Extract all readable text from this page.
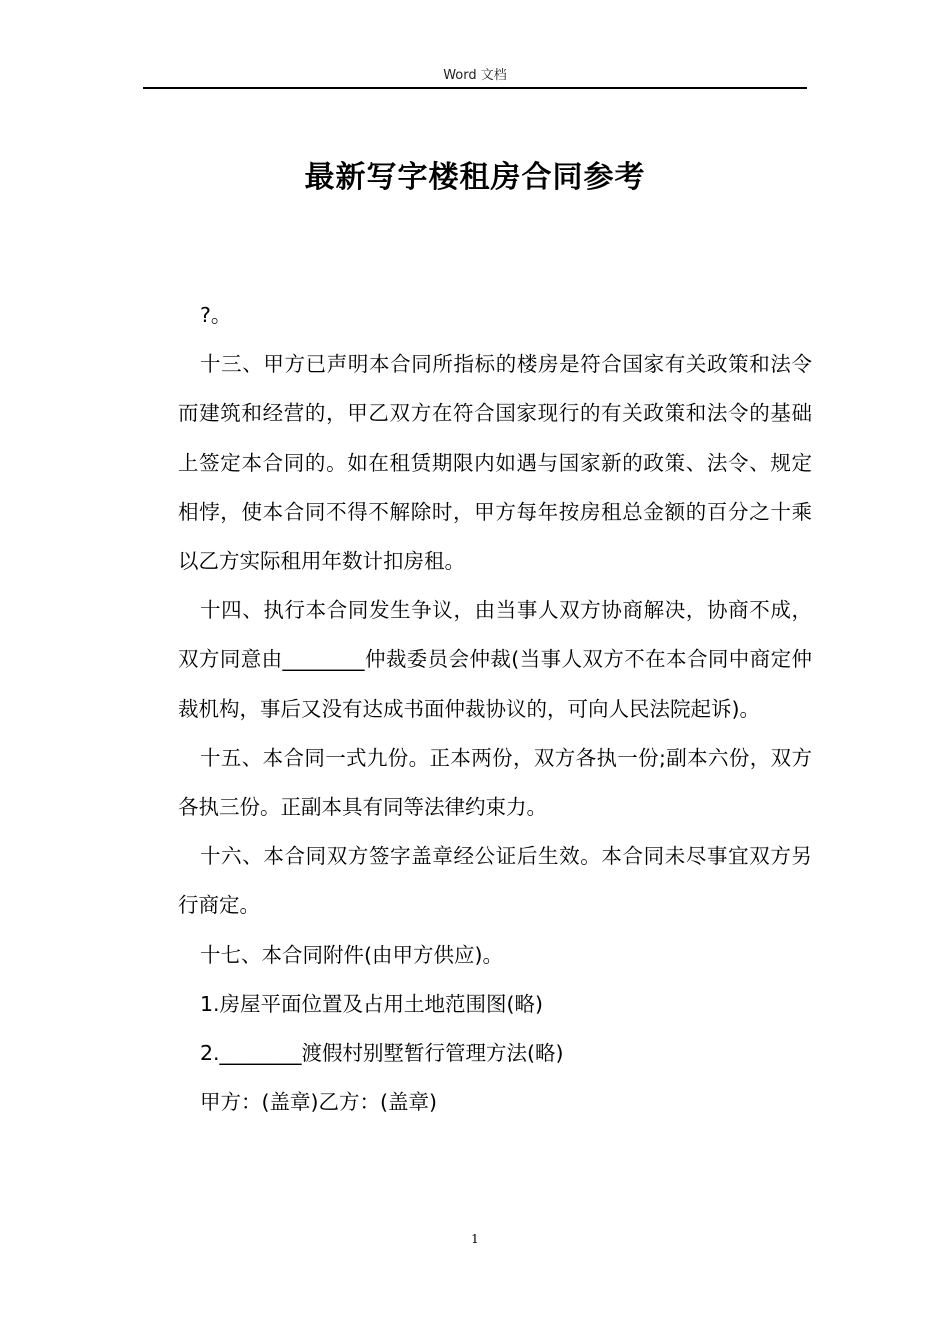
Word 文档
最新写字楼租房合同参考

?。

十三、甲方已声明本合同所指标的楼房是符合国家有关政策和法令而建筑和经营的，甲乙双方在符合国家现行的有关政策和法令的基础上签定本合同的。如在租赁期限内如遇与国家新的政策、法令、规定相悖，使本合同不得不解除时，甲方每年按房租总金额的百分之十乘以乙方实际租用年数计扣房租。

十四、执行本合同发生争议，由当事人双方协商解决，协商不成，双方同意由________仲裁委员会仲裁(当事人双方不在本合同中商定仲裁机构，事后又没有达成书面仲裁协议的，可向人民法院起诉)。

十五、本合同一式九份。正本两份，双方各执一份;副本六份，双方各执三份。正副本具有同等法律约束力。

十六、本合同双方签字盖章经公证后生效。本合同未尽事宜双方另行商定。

十七、本合同附件(由甲方供应)。

1.房屋平面位置及占用土地范围图(略)

2.________渡假村别墅暂行管理方法(略)

甲方：(盖章)乙方：(盖章)

1
